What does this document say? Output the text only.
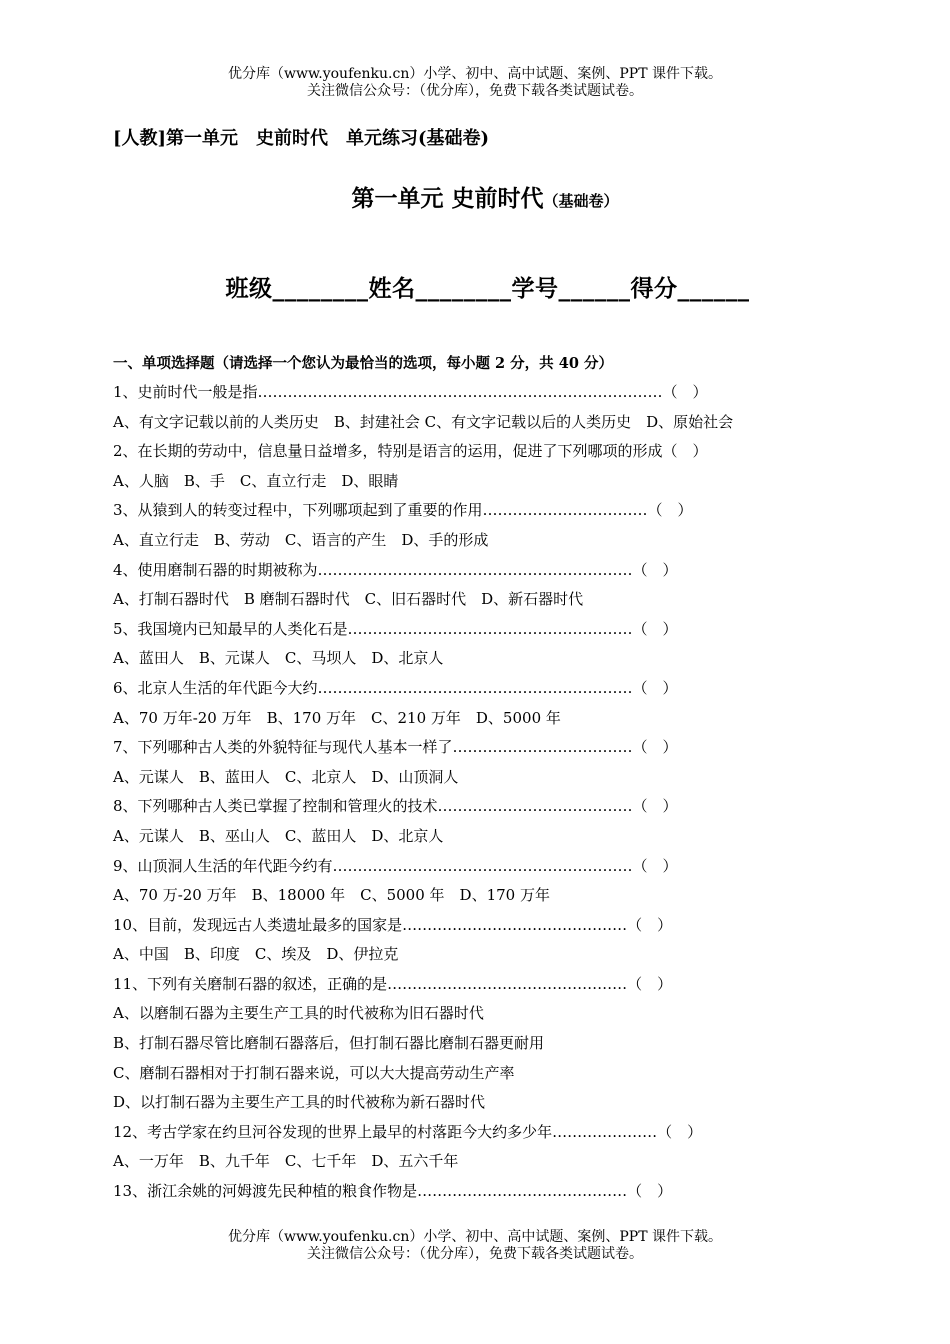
优分库（www.youfenku.cn）小学、初中、高中试题、案例、PPT 课件下载。
关注微信公众号：（优分库），免费下载各类试题试卷。
[人教]第一单元　史前时代　单元练习(基础卷)
第一单元 史前时代（基础卷）
班级________姓名________学号______得分______
一、单项选择题（请选择一个您认为最恰当的选项，每小题 2 分，共 40 分）
1、史前时代一般是指………………………………………………………………………（　）
A、有文字记载以前的人类历史　B、封建社会 C、有文字记载以后的人类历史　D、原始社会
2、在长期的劳动中，信息量日益增多，特别是语言的运用，促进了下列哪项的形成（　）
A、人脑　B、手　C、直立行走　D、眼睛
3、从猿到人的转变过程中，下列哪项起到了重要的作用……………………………（　）
A、直立行走　B、劳动　C、语言的产生　D、手的形成
4、使用磨制石器的时期被称为………………………………………………………（　）
A、打制石器时代　B 磨制石器时代　C、旧石器时代　D、新石器时代
5、我国境内已知最早的人类化石是…………………………………………………（　）
A、蓝田人　B、元谋人　C、马坝人　D、北京人
6、北京人生活的年代距今大约………………………………………………………（　）
A、70 万年-20 万年　B、170 万年　C、210 万年　D、5000 年
7、下列哪种古人类的外貌特征与现代人基本一样了………………………………（　）
A、元谋人　B、蓝田人　C、北京人　D、山顶洞人
8、下列哪种古人类已掌握了控制和管理火的技术…………………………………（　）
A、元谋人　B、巫山人　C、蓝田人　D、北京人
9、山顶洞人生活的年代距今约有……………………………………………………（　）
A、70 万-20 万年　B、18000 年　C、5000 年　D、170 万年
10、目前，发现远古人类遗址最多的国家是………………………………………（　）
A、中国　B、印度　C、埃及　D、伊拉克
11、下列有关磨制石器的叙述，正确的是…………………………………………（　）
A、以磨制石器为主要生产工具的时代被称为旧石器时代
B、打制石器尽管比磨制石器落后，但打制石器比磨制石器更耐用
C、磨制石器相对于打制石器来说，可以大大提高劳动生产率
D、以打制石器为主要生产工具的时代被称为新石器时代
12、考古学家在约旦河谷发现的世界上最早的村落距今大约多少年…………………（　）
A、一万年　B、九千年　C、七千年　D、五六千年
13、浙江余姚的河姆渡先民种植的粮食作物是……………………………………（　）
优分库（www.youfenku.cn）小学、初中、高中试题、案例、PPT 课件下载。
关注微信公众号：（优分库），免费下载各类试题试卷。
